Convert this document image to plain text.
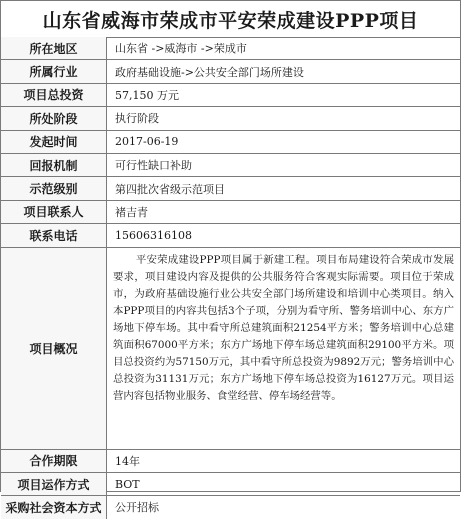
山东省威海市荣成市平安荣成建设PPP项目
所在地区	山东省 ->威海市 ->荣成市
所属行业	政府基础设施->公共安全部门场所建设
项目总投资	57,150 万元
所处阶段	执行阶段
发起时间	2017-06-19
回报机制	可行性缺口补助
示范级别	第四批次省级示范项目
项目联系人	褚吉青
联系电话	15606316108
项目概况	平安荣成建设PPP项目属于新建工程。项目布局建设符合荣成市发展要求，项目建设内容及提供的公共服务符合客观实际需要。项目位于荣成市，为政府基础设施行业公共安全部门场所建设和培训中心类项目。纳入本PPP项目的内容共包括3个子项，分别为看守所、警务培训中心、东方广场地下停车场。其中看守所总建筑面积21254平方米；警务培训中心总建筑面积67000平方米；东方广场地下停车场总建筑面积29100平方米。项目总投资约为57150万元，其中看守所总投资为9892万元；警务培训中心总投资为31131万元；东方广场地下停车场总投资为16127万元。项目运营内容包括物业服务、食堂经营、停车场经营等。
合作期限	14年
项目运作方式	BOT
采购社会资本方式	公开招标
